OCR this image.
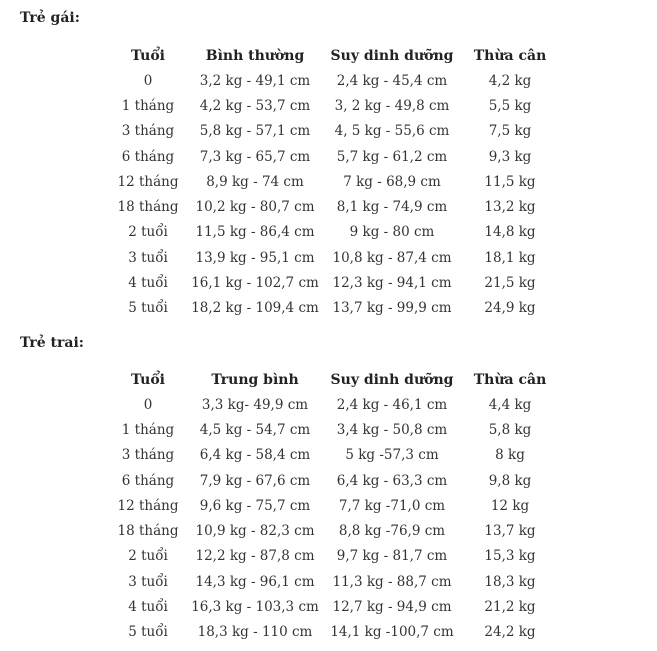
Trẻ gái:
Tuổi	Bình thường	Suy dinh dưỡng	Thừa cân
0	3,2 kg - 49,1 cm	2,4 kg - 45,4 cm	4,2 kg
1 tháng	4,2 kg - 53,7 cm	3, 2 kg - 49,8 cm	5,5 kg
3 tháng	5,8 kg - 57,1 cm	4, 5 kg - 55,6 cm	7,5 kg
6 tháng	7,3 kg - 65,7 cm	5,7 kg - 61,2 cm	9,3 kg
12 tháng	8,9 kg - 74 cm	7 kg - 68,9 cm	11,5 kg
18 tháng	10,2 kg - 80,7 cm	8,1 kg - 74,9 cm	13,2 kg
2 tuổi	11,5 kg - 86,4 cm	9 kg - 80 cm	14,8 kg
3 tuổi	13,9 kg - 95,1 cm	10,8 kg - 87,4 cm	18,1 kg
4 tuổi	16,1 kg - 102,7 cm	12,3 kg - 94,1 cm	21,5 kg
5 tuổi	18,2 kg - 109,4 cm	13,7 kg - 99,9 cm	24,9 kg
Trẻ trai:
Tuổi	Trung bình	Suy dinh dưỡng	Thừa cân
0	3,3 kg- 49,9 cm	2,4 kg - 46,1 cm	4,4 kg
1 tháng	4,5 kg - 54,7 cm	3,4 kg - 50,8 cm	5,8 kg
3 tháng	6,4 kg - 58,4 cm	5 kg -57,3 cm	8 kg
6 tháng	7,9 kg - 67,6 cm	6,4 kg - 63,3 cm	9,8 kg
12 tháng	9,6 kg - 75,7 cm	7,7 kg -71,0 cm	12 kg
18 tháng	10,9 kg - 82,3 cm	8,8 kg -76,9 cm	13,7 kg
2 tuổi	12,2 kg - 87,8 cm	9,7 kg - 81,7 cm	15,3 kg
3 tuổi	14,3 kg - 96,1 cm	11,3 kg - 88,7 cm	18,3 kg
4 tuổi	16,3 kg - 103,3 cm	12,7 kg - 94,9 cm	21,2 kg
5 tuổi	18,3 kg - 110 cm	14,1 kg -100,7 cm	24,2 kg
